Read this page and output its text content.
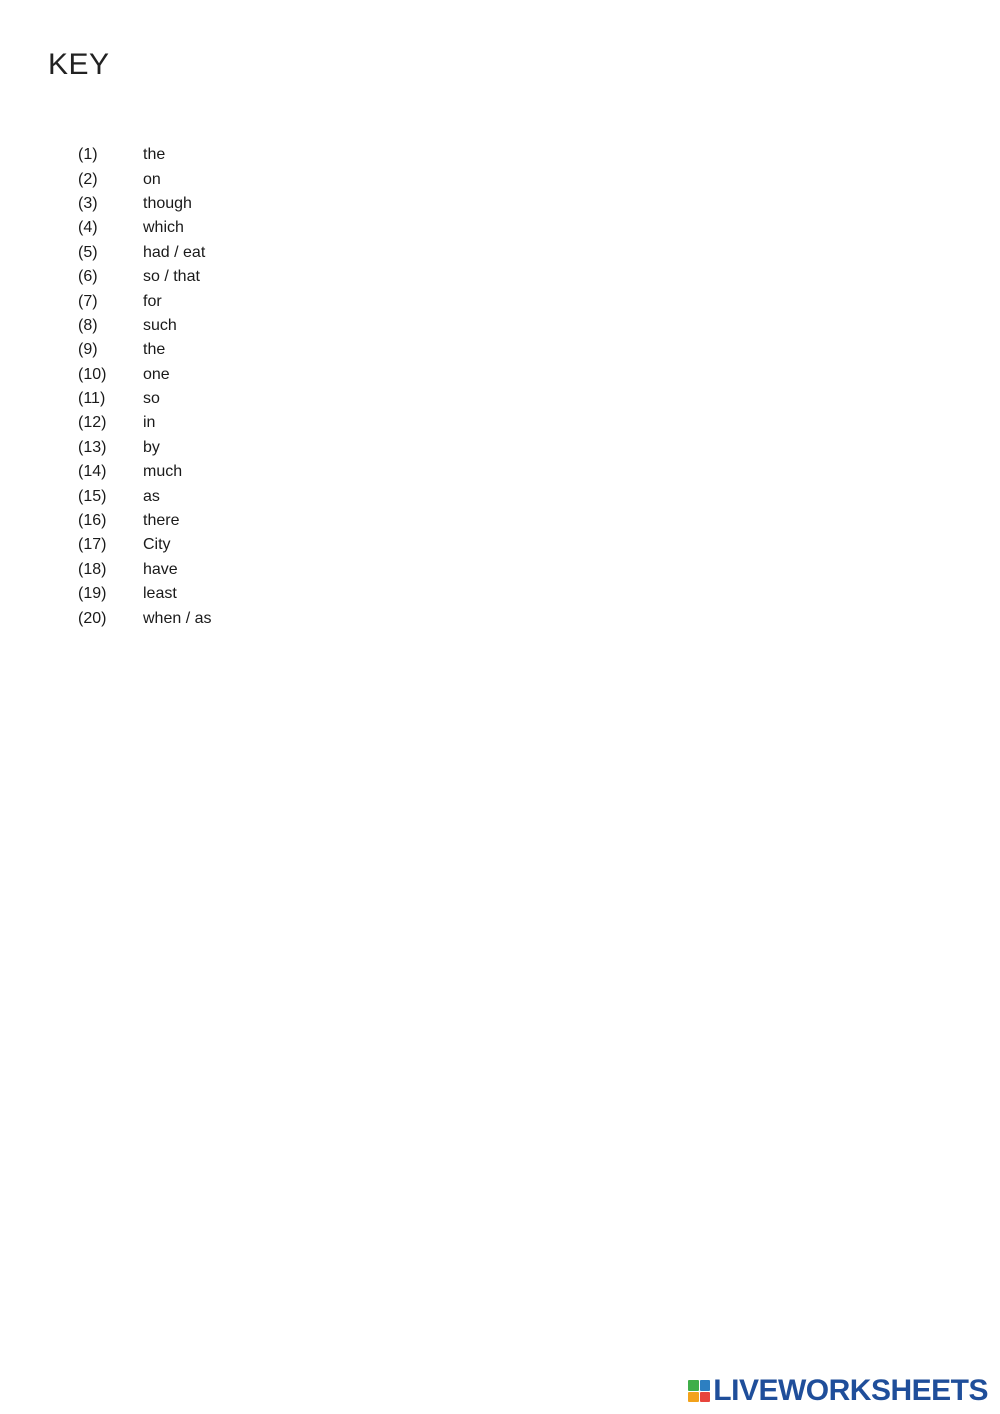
KEY
(1)	the
(2)	on
(3)	though
(4)	which
(5)	had / eat
(6)	so / that
(7)	for
(8)	such
(9)	the
(10)	one
(11)	so
(12)	in
(13)	by
(14)	much
(15)	as
(16)	there
(17)	City
(18)	have
(19)	least
(20)	when / as
LIVEWORKSHEETS
